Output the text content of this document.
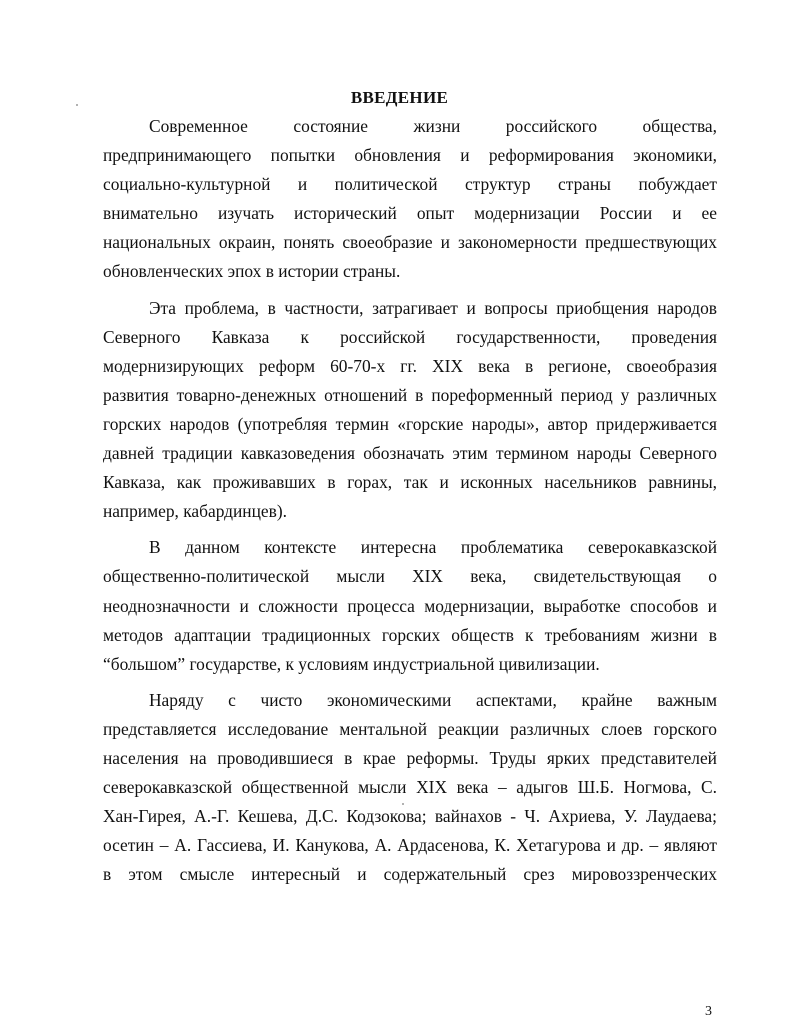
ВВЕДЕНИЕ
Современное состояние жизни российского общества,
предпринимающего попытки обновления и реформирования экономики,
социально-культурной и политической структур страны побуждает
внимательно изучать исторический опыт модернизации России и ее
национальных окраин, понять своеобразие и закономерности предшествующих
обновленческих эпох в истории страны.
Эта проблема, в частности, затрагивает и вопросы приобщения народов
Северного Кавказа к российской государственности, проведения
модернизирующих реформ 60-70-х гг. XIX века в регионе, своеобразия
развития товарно-денежных отношений в пореформенный период у различных
горских народов (употребляя термин «горские народы», автор придерживается
давней традиции кавказоведения обозначать этим термином народы Северного
Кавказа, как проживавших в горах, так и исконных насельников равнины,
например, кабардинцев).
В данном контексте интересна проблематика северокавказской
общественно-политической мысли XIX века, свидетельствующая о
неоднозначности и сложности процесса модернизации, выработке способов и
методов адаптации традиционных горских обществ к требованиям жизни в
“большом” государстве, к условиям индустриальной цивилизации.
Наряду с чисто экономическими аспектами, крайне важным
представляется исследование ментальной реакции различных слоев горского
населения на проводившиеся в крае реформы. Труды ярких представителей
северокавказской общественной мысли XIX века – адыгов Ш.Б. Ногмова, С.
Хан-Гирея, А.-Г. Кешева, Д.С. Кодзокова; вайнахов - Ч. Ахриева, У. Лаудаева;
осетин – А. Гассиева, И. Канукова, А. Ардасенова, К. Хетагурова и др. – являют
в этом смысле интересный и содержательный срез мировоззренческих
3
